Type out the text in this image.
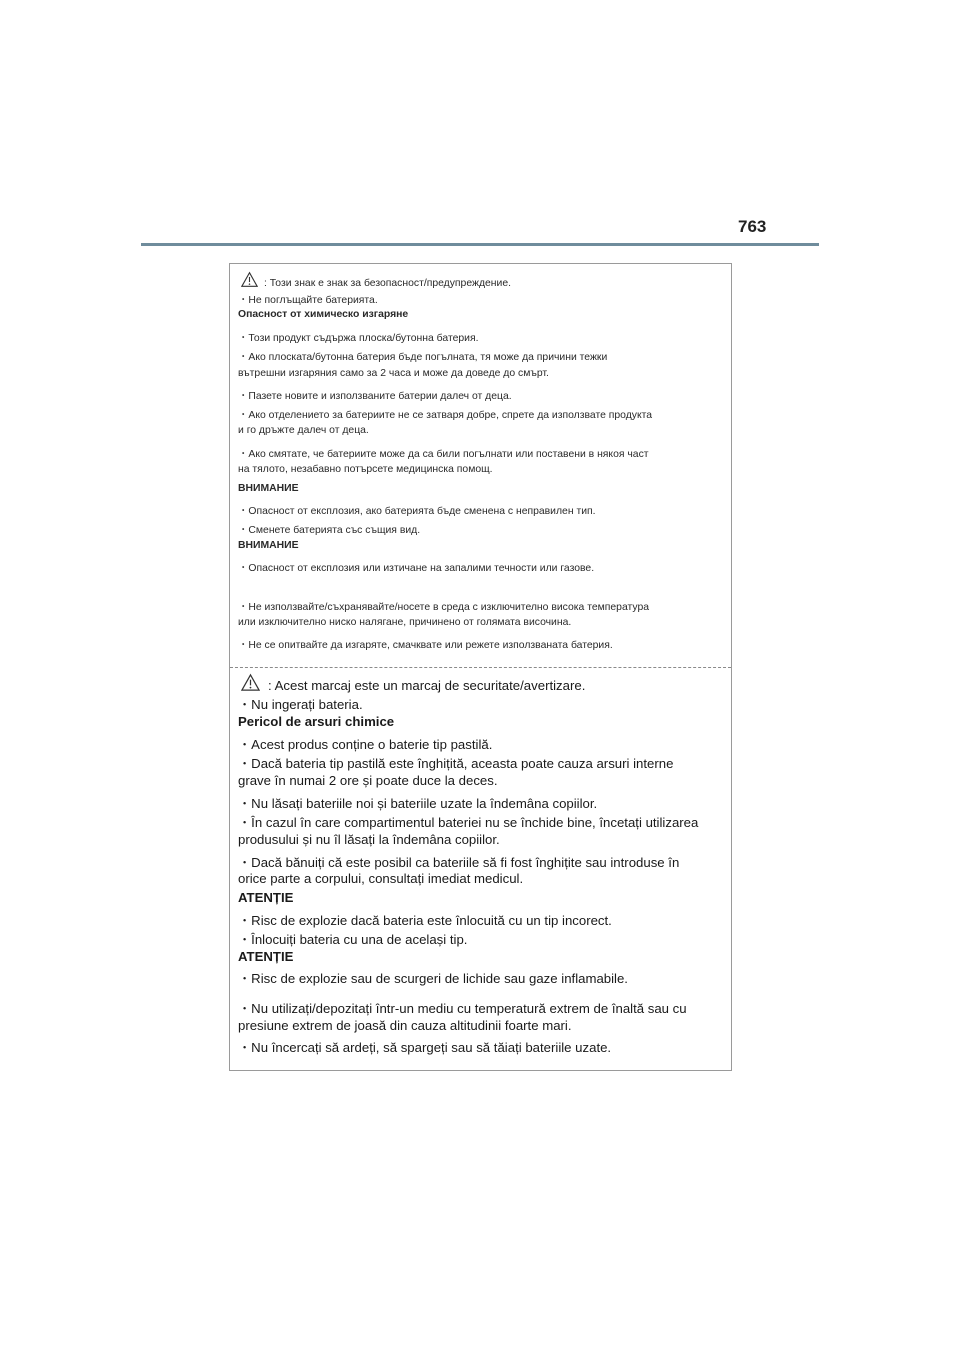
763
: Този знак е знак за безопасност/предупреждение.
・Не поглъщайте батерията.
Опасност от химическо изгаряне
・Този продукт съдържа плоска/бутонна батерия.
・Ако плоската/бутонна батерия бъде погълната, тя може да причини тежки
вътрешни изгаряния само за 2 часа и може да доведе до смърт.
・Пазете новите и използваните батерии далеч от деца.
・Ако отделението за батериите не се затваря добре, спрете да използвате продукта
и го дръжте далеч от деца.
・Ако смятате, че батериите може да са били погълнати или поставени в някоя част
на тялото, незабавно потърсете медицинска помощ.
ВНИМАНИЕ
・Опасност от експлозия, ако батерията бъде сменена с неправилен тип.
・Сменете батерията със същия вид.
ВНИМАНИЕ
・Опасност от експлозия или изтичане на запалими течности или газове.
・Не използвайте/съхранявайте/носете в среда с изключително висока температура
или изключително ниско налягане, причинено от голямата височина.
・Не се опитвайте да изгаряте, смачквате или режете използваната батерия.
: Acest marcaj este un marcaj de securitate/avertizare.
・Nu ingerați bateria.
Pericol de arsuri chimice
・Acest produs conține o baterie tip pastilă.
・Dacă bateria tip pastilă este înghițită, aceasta poate cauza arsuri interne
grave în numai 2 ore și poate duce la deces.
・Nu lăsați bateriile noi și bateriile uzate la îndemâna copiilor.
・În cazul în care compartimentul bateriei nu se închide bine, încetați utilizarea
produsului și nu îl lăsați la îndemâna copiilor.
・Dacă bănuiți că este posibil ca bateriile să fi fost înghițite sau introduse în
orice parte a corpului, consultați imediat medicul.
ATENȚIE
・Risc de explozie dacă bateria este înlocuită cu un tip incorect.
・Înlocuiți bateria cu una de același tip.
ATENȚIE
・Risc de explozie sau de scurgeri de lichide sau gaze inflamabile.
・Nu utilizați/depozitați într-un mediu cu temperatură extrem de înaltă sau cu
presiune extrem de joasă din cauza altitudinii foarte mari.
・Nu încercați să ardeți, să spargeți sau să tăiați bateriile uzate.
